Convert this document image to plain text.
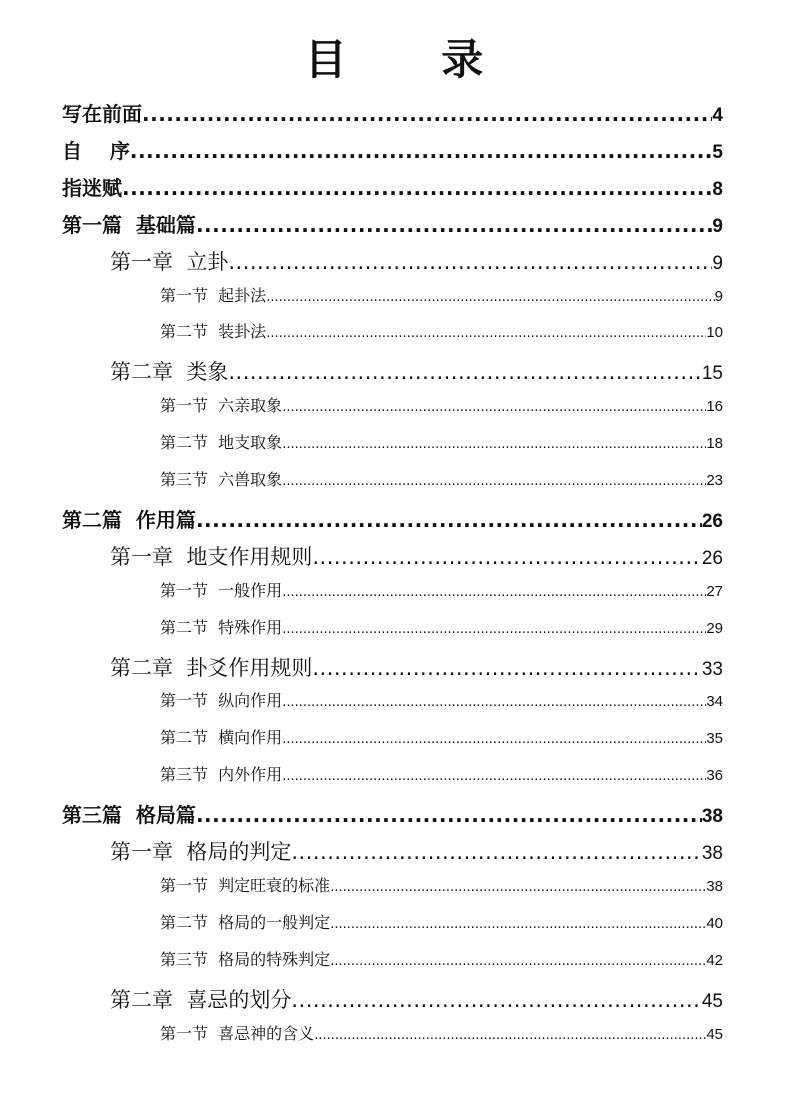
目 录
写在前面 .....	4
自    序 .....	5
指迷赋 .....	8
第一篇  基础篇 .....	9
第一章  立卦 .....	9
第一节  起卦法 .....	9
第二节  装卦法 .....	10
第二章  类象 .....	15
第一节  六亲取象 .....	16
第二节  地支取象 .....	18
第三节  六兽取象 .....	23
第二篇  作用篇 .....	26
第一章  地支作用规则 .....	26
第一节  一般作用 .....	27
第二节  特殊作用 .....	29
第二章  卦爻作用规则 .....	33
第一节  纵向作用 .....	34
第二节  横向作用 .....	35
第三节  内外作用 .....	36
第三篇  格局篇 .....	38
第一章  格局的判定 .....	38
第一节  判定旺衰的标准 .....	38
第二节  格局的一般判定 .....	40
第三节  格局的特殊判定 .....	42
第二章  喜忌的划分 .....	45
第一节  喜忌神的含义 .....	45
